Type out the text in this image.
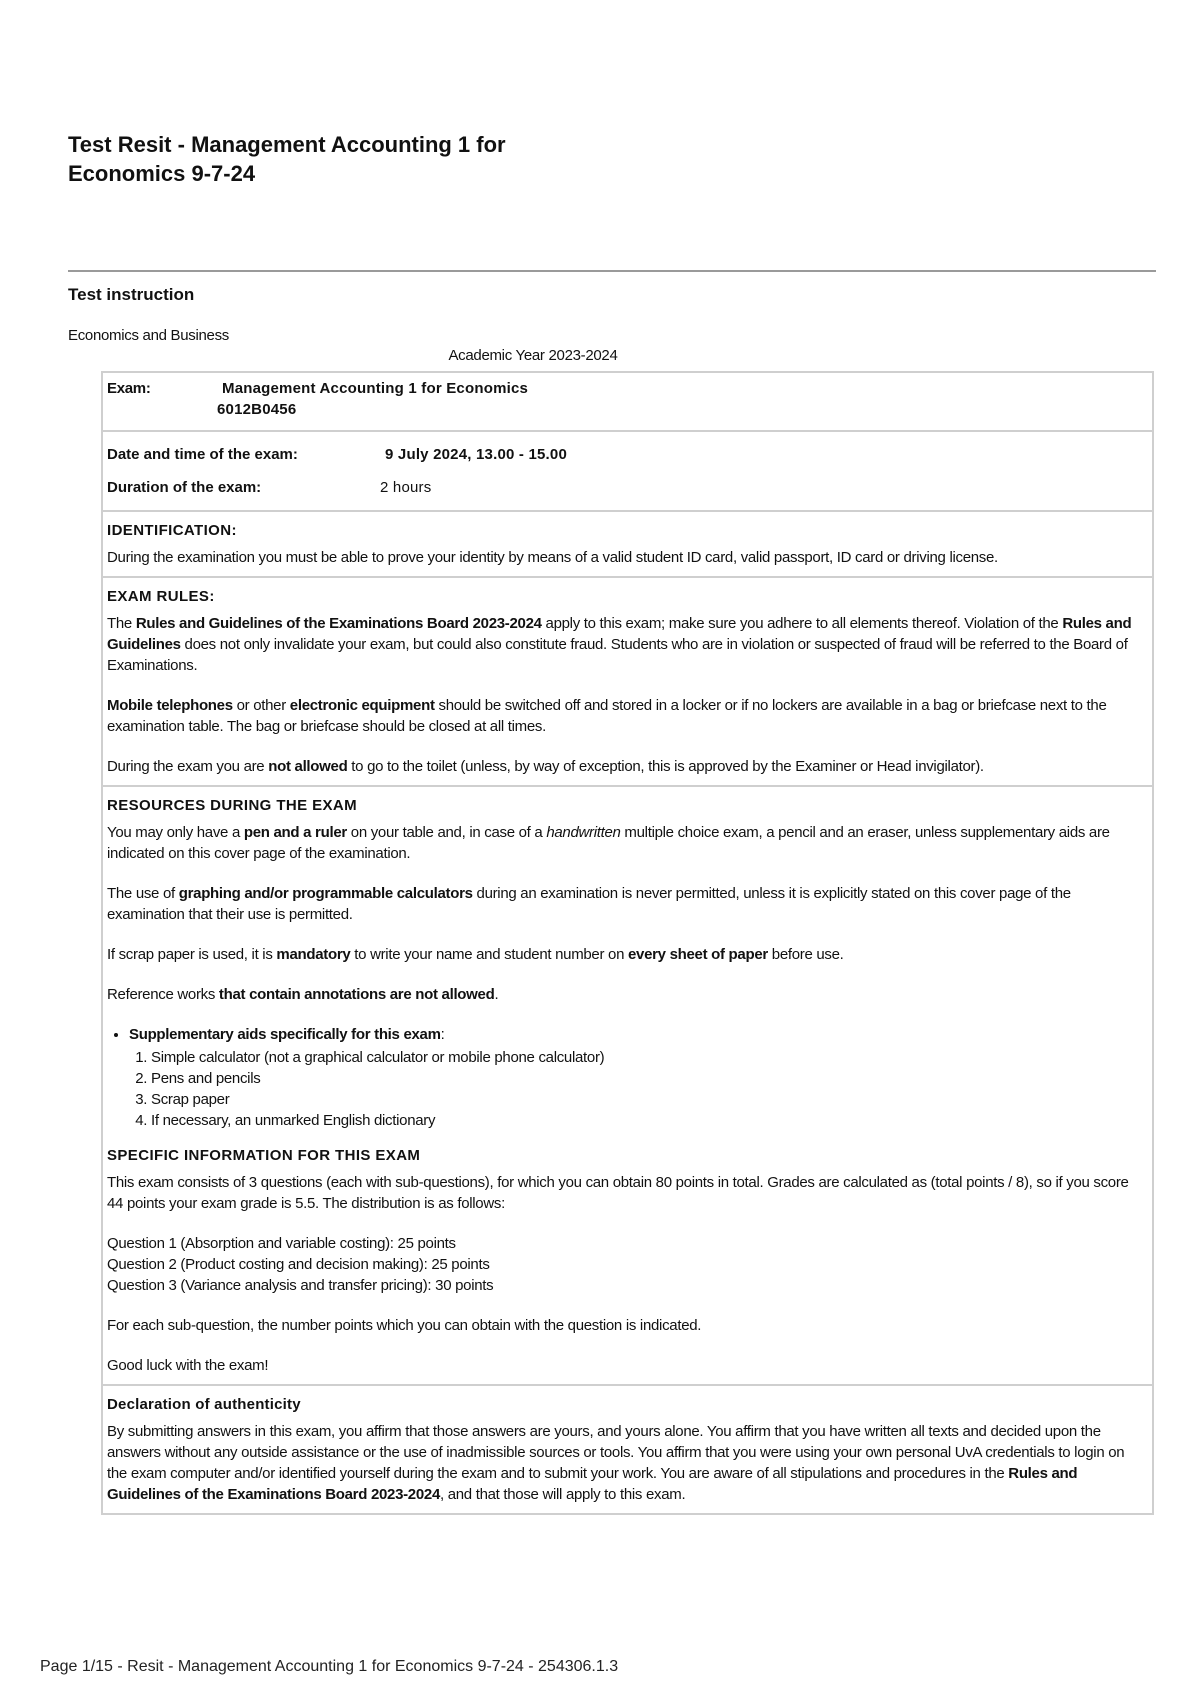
Test Resit - Management Accounting 1 for
Economics 9-7-24
Test instruction
Economics and Business
Academic Year 2023-2024
Exam:	Management Accounting 1 for Economics
6012B0456
Date and time of the exam:	9 July 2024, 13.00 - 15.00
Duration of the exam:	2 hours
IDENTIFICATION:

During the examination you must be able to prove your identity by means of a valid student ID card, valid passport, ID card or driving license.

EXAM RULES:

The Rules and Guidelines of the Examinations Board 2023-2024 apply to this exam; make sure you adhere to all elements thereof. Violation of the Rules and Guidelines does not only invalidate your exam, but could also constitute fraud. Students who are in violation or suspected of fraud will be referred to the Board of Examinations.

Mobile telephones or other electronic equipment should be switched off and stored in a locker or if no lockers are available in a bag or briefcase next to the examination table. The bag or briefcase should be closed at all times.

During the exam you are not allowed to go to the toilet (unless, by way of exception, this is approved by the Examiner or Head invigilator).

RESOURCES DURING THE EXAM

You may only have a pen and a ruler on your table and, in case of a handwritten multiple choice exam, a pencil and an eraser, unless supplementary aids are indicated on this cover page of the examination.

The use of graphing and/or programmable calculators during an examination is never permitted, unless it is explicitly stated on this cover page of the examination that their use is permitted.

If scrap paper is used, it is mandatory to write your name and student number on every sheet of paper before use.

Reference works that contain annotations are not allowed.

• Supplementary aids specifically for this exam:
1. Simple calculator (not a graphical calculator or mobile phone calculator)
2. Pens and pencils
3. Scrap paper
4. If necessary, an unmarked English dictionary
SPECIFIC INFORMATION FOR THIS EXAM

This exam consists of 3 questions (each with sub-questions), for which you can obtain 80 points in total. Grades are calculated as (total points / 8), so if you score 44 points your exam grade is 5.5. The distribution is as follows:

Question 1 (Absorption and variable costing): 25 points
Question 2 (Product costing and decision making): 25 points
Question 3 (Variance analysis and transfer pricing): 30 points

For each sub-question, the number points which you can obtain with the question is indicated.

Good luck with the exam!

Declaration of authenticity

By submitting answers in this exam, you affirm that those answers are yours, and yours alone. You affirm that you have written all texts and decided upon the answers without any outside assistance or the use of inadmissible sources or tools. You affirm that you were using your own personal UvA credentials to login on the exam computer and/or identified yourself during the exam and to submit your work. You are aware of all stipulations and procedures in the Rules and Guidelines of the Examinations Board 2023-2024, and that those will apply to this exam.

Page 1/15 - Resit - Management Accounting 1 for Economics 9-7-24 - 254306.1.3
